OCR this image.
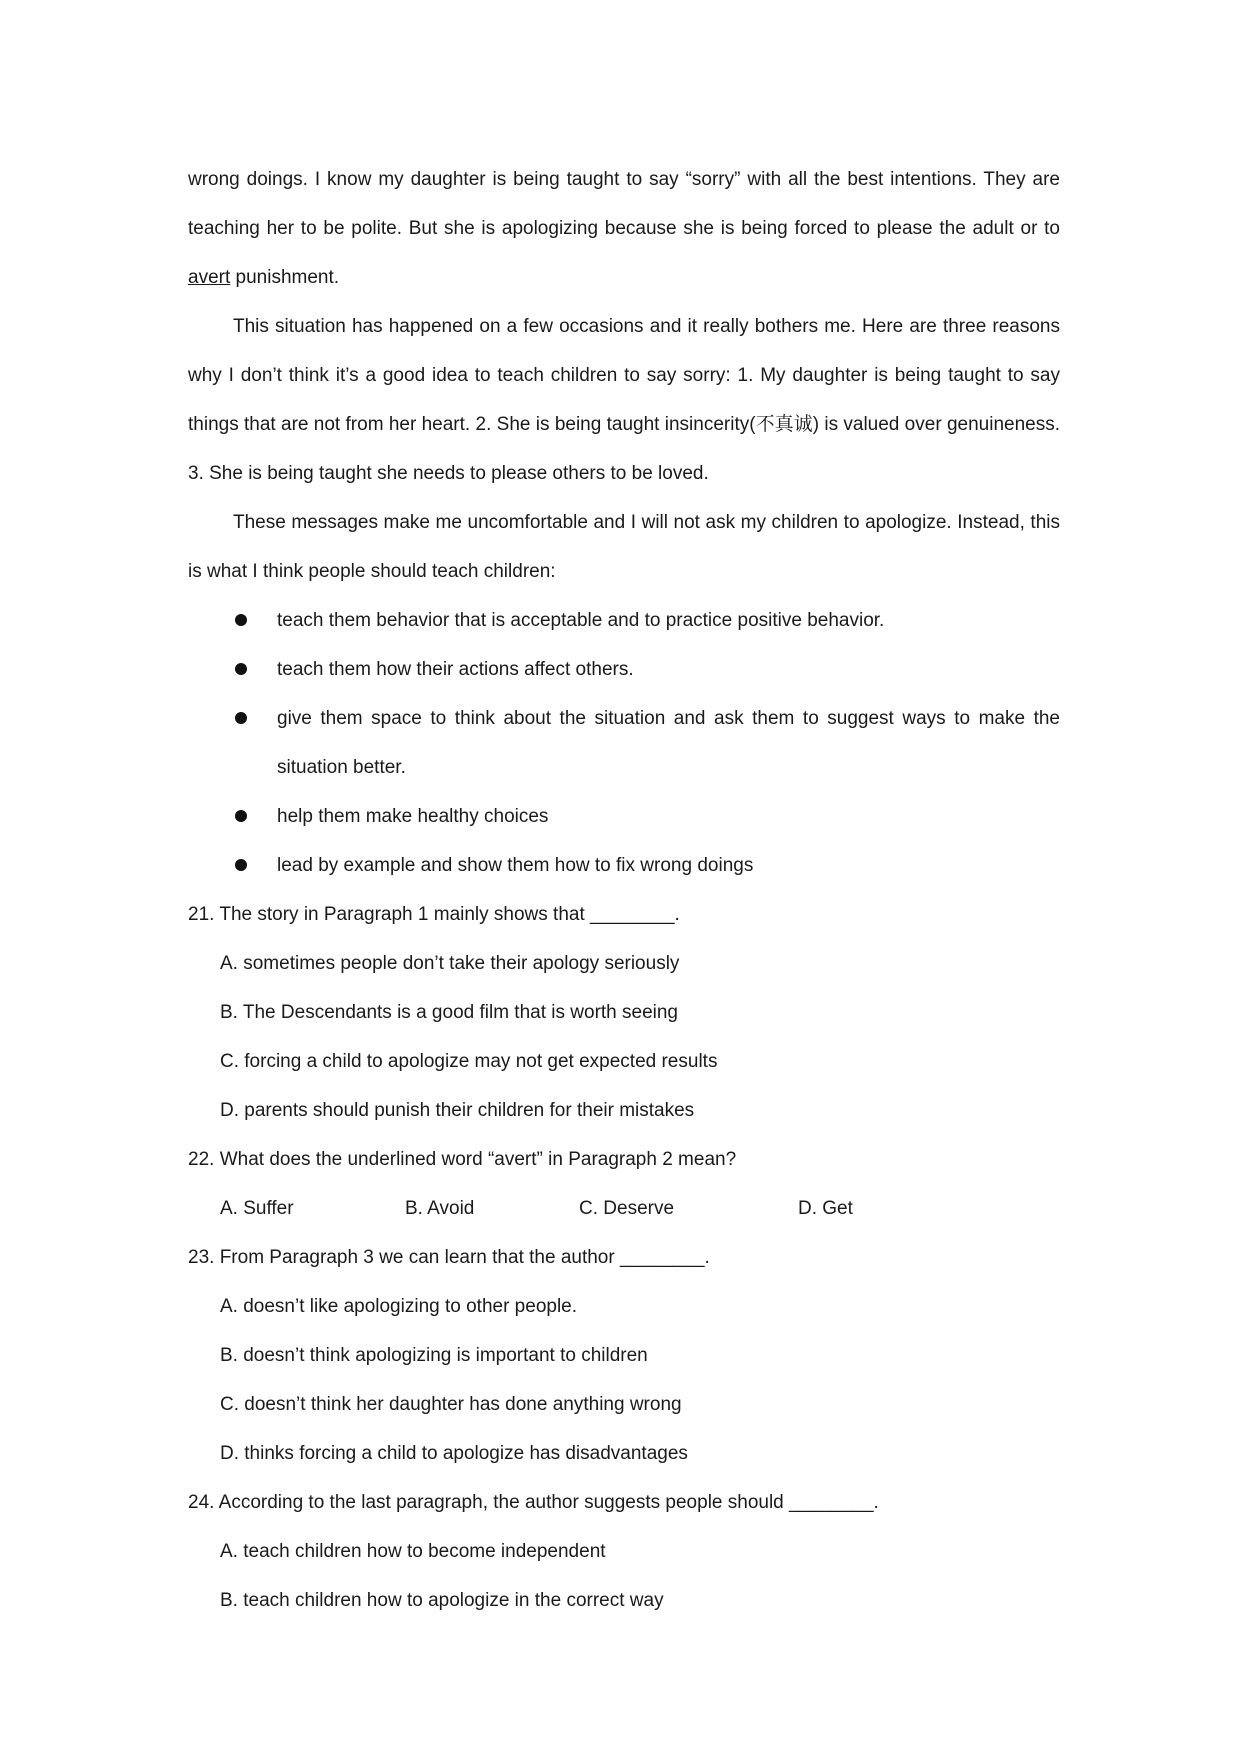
wrong doings. I know my daughter is being taught to say “sorry” with all the best intentions. They are teaching her to be polite. But she is apologizing because she is being forced to please the adult or to avert punishment.

This situation has happened on a few occasions and it really bothers me. Here are three reasons why I don’t think it’s a good idea to teach children to say sorry: 1. My daughter is being taught to say things that are not from her heart. 2. She is being taught insincerity(不真诚) is valued over genuineness. 3. She is being taught she needs to please others to be loved.

These messages make me uncomfortable and I will not ask my children to apologize. Instead, this is what I think people should teach children:

teach them behavior that is acceptable and to practice positive behavior.
teach them how their actions affect others.
give them space to think about the situation and ask them to suggest ways to make the situation better.
help them make healthy choices
lead by example and show them how to fix wrong doings

21. The story in Paragraph 1 mainly shows that ________.

A. sometimes people don’t take their apology seriously

B. The Descendants is a good film that is worth seeing

C. forcing a child to apologize may not get expected results

D. parents should punish their children for their mistakes

22. What does the underlined word “avert” in Paragraph 2 mean?

A. Suffer	B. Avoid	C. Deserve	D. Get

23. From Paragraph 3 we can learn that the author ________.

A. doesn’t like apologizing to other people.

B. doesn’t think apologizing is important to children

C. doesn’t think her daughter has done anything wrong

D. thinks forcing a child to apologize has disadvantages

24. According to the last paragraph, the author suggests people should ________.

A. teach children how to become independent

B. teach children how to apologize in the correct way
